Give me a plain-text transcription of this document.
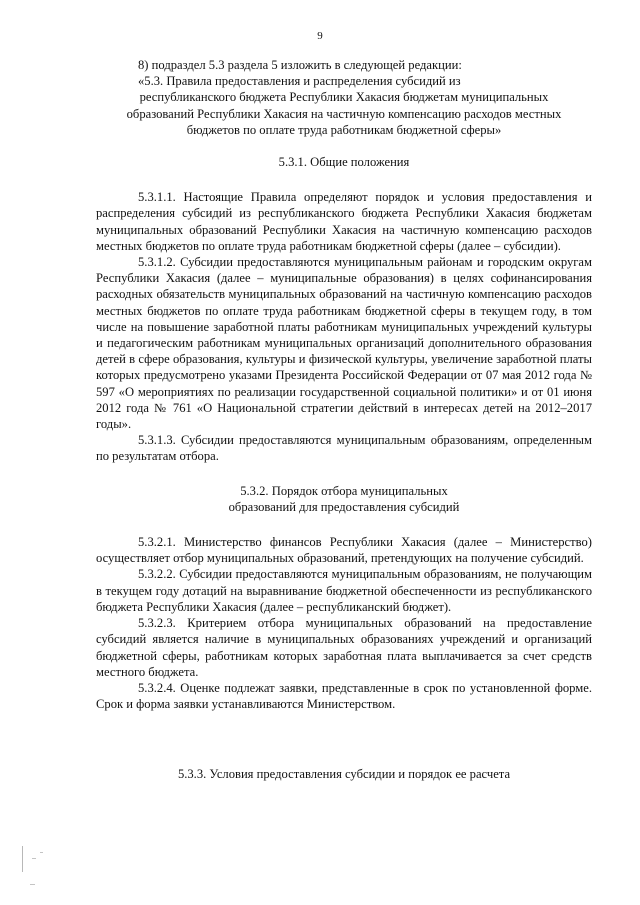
9

8) подраздел 5.3 раздела 5 изложить в следующей редакции:

«5.3. Правила предоставления и распределения субсидий из

республиканского бюджета Республики Хакасия бюджетам муниципальных

образований Республики Хакасия на частичную компенсацию расходов местных

бюджетов по оплате труда работникам бюджетной сферы»

5.3.1. Общие положения

5.3.1.1. Настоящие Правила определяют порядок и условия предоставления и распределения субсидий из республиканского бюджета Республики Хакасия бюджетам муниципальных образований Республики Хакасия на частичную компенсацию расходов местных бюджетов по оплате труда работникам бюджетной сферы (далее – субсидии).

5.3.1.2. Субсидии предоставляются муниципальным районам и городским округам Республики Хакасия (далее – муниципальные образования) в целях софинансирования расходных обязательств муниципальных образований на частичную компенсацию расходов местных бюджетов по оплате труда работникам бюджетной сферы в текущем году, в том числе на повышение заработной платы работникам муниципальных учреждений культуры и педагогическим работникам муниципальных организаций дополнительного образования детей в сфере образования, культуры и физической культуры, увеличение заработной платы которых предусмотрено указами Президента Российской Федерации от 07 мая 2012 года № 597 «О мероприятиях по реализации государственной социальной политики» и от 01 июня 2012 года № 761 «О Национальной стратегии действий в интересах детей на 2012–2017 годы».

5.3.1.3. Субсидии предоставляются муниципальным образованиям, определенным по результатам отбора.

5.3.2. Порядок отбора муниципальных

образований для предоставления субсидий

5.3.2.1. Министерство финансов Республики Хакасия (далее – Министерство) осуществляет отбор муниципальных образований, претендующих на получение субсидий.

5.3.2.2. Субсидии предоставляются муниципальным образованиям, не получающим в текущем году дотаций на выравнивание бюджетной обеспеченности из республиканского бюджета Республики Хакасия (далее – республиканский бюджет).

5.3.2.3. Критерием отбора муниципальных образований на предоставление субсидий является наличие в муниципальных образованиях учреждений и организаций бюджетной сферы, работникам которых заработная плата выплачивается за счет средств местного бюджета.

5.3.2.4. Оценке подлежат заявки, представленные в срок по установленной форме. Срок и форма заявки устанавливаются Министерством.

5.3.3. Условия предоставления субсидии и порядок ее расчета
